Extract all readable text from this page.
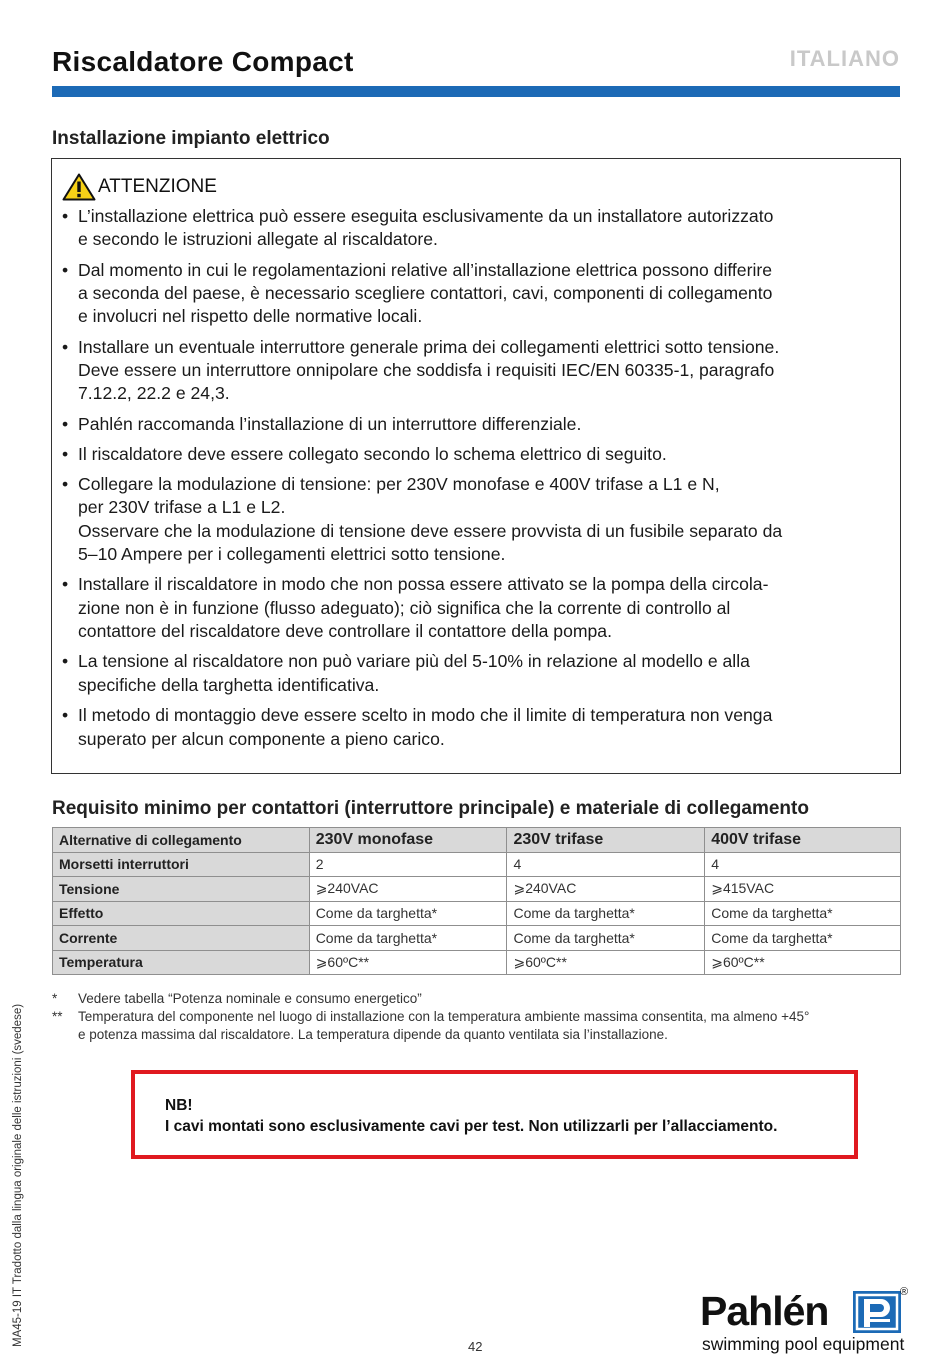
Riscaldatore Compact	ITALIANO
Installazione impianto elettrico
ATTENZIONE
• L’installazione elettrica può essere eseguita esclusivamente da un installatore autorizzato
e secondo le istruzioni allegate al riscaldatore.
• Dal momento in cui le regolamentazioni relative all’installazione elettrica possono differire
a seconda del paese, è necessario scegliere contattori, cavi, componenti di collegamento
e involucri nel rispetto delle normative locali.
• Installare un eventuale interruttore generale prima dei collegamenti elettrici sotto tensione.
Deve essere un interruttore onnipolare che soddisfa i requisiti IEC/EN 60335-1, paragrafo
7.12.2, 22.2 e 24,3.
• Pahlén raccomanda l’installazione di un interruttore differenziale.
• Il riscaldatore deve essere collegato secondo lo schema elettrico di seguito.
• Collegare la modulazione di tensione: per 230V monofase e 400V trifase a L1 e N,
per 230V trifase a L1 e L2.
Osservare che la modulazione di tensione deve essere provvista di un fusibile separato da
5–10 Ampere per i collegamenti elettrici sotto tensione.
• Installare il riscaldatore in modo che non possa essere attivato se la pompa della circola-
zione non è in funzione (flusso adeguato); ciò significa che la corrente di controllo al
contattore del riscaldatore deve controllare il contattore della pompa.
• La tensione al riscaldatore non può variare più del 5-10% in relazione al modello e alla
specifiche della targhetta identificativa.
• Il metodo di montaggio deve essere scelto in modo che il limite di temperatura non venga
superato per alcun componente a pieno carico.
Requisito minimo per contattori (interruttore principale) e materiale di collegamento
Alternative di collegamento	230V monofase	230V trifase	400V trifase
Morsetti interruttori	2	4	4
Tensione	⩾240VAC	⩾240VAC	⩾415VAC
Effetto	Come da targhetta*	Come da targhetta*	Come da targhetta*
Corrente	Come da targhetta*	Come da targhetta*	Come da targhetta*
Temperatura	⩾60ºC**	⩾60ºC**	⩾60ºC**
*	Vedere tabella “Potenza nominale e consumo energetico”
**	Temperatura del componente nel luogo di installazione con la temperatura ambiente massima consentita, ma almeno +45°
e potenza massima dal riscaldatore. La temperatura dipende da quanto ventilata sia l’installazione.
NB!
I cavi montati sono esclusivamente cavi per test. Non utilizzarli per l’allacciamento.
MA45-19 IT Tradotto dalla lingua originale delle istruzioni (svedese)	42
Pahlén	®
swimming pool equipment
